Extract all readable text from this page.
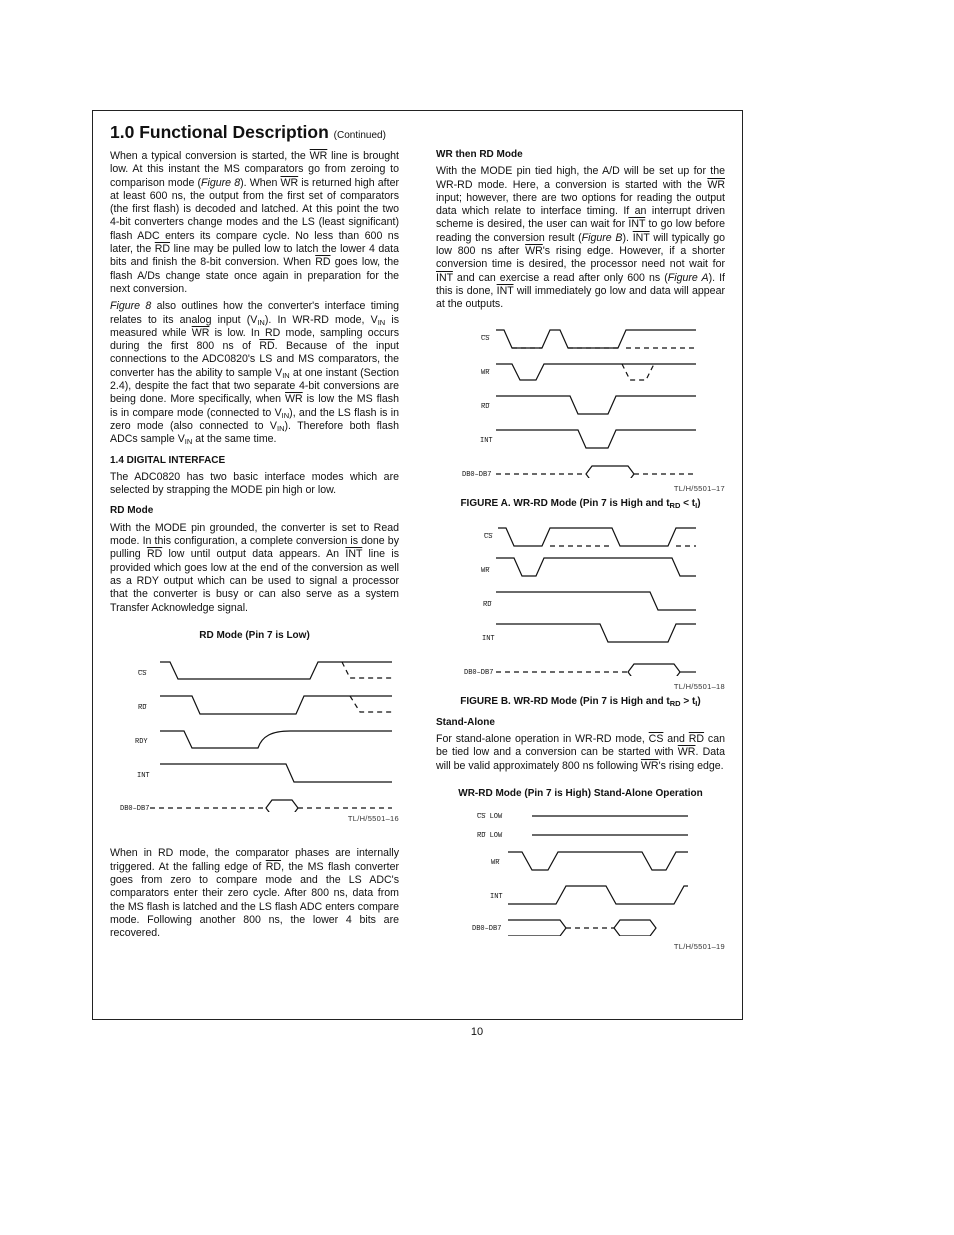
1.0 Functional Description (Continued)

When a typical conversion is started, the $\overline{WR}$ line is brought low. At this instant the MS comparators go from zeroing to comparison mode (Figure 8). When $\overline{WR}$ is returned high after at least 600 ns, the output from the first set of comparators (the first flash) is decoded and latched. At this point the two 4-bit converters change modes and the LS (least significant) flash ADC enters its compare cycle. No less than 600 ns later, the $\overline{RD}$ line may be pulled low to latch the lower 4 data bits and finish the 8-bit conversion. When $\overline{RD}$ goes low, the flash A/Ds change state once again in preparation for the next conversion.

Figure 8 also outlines how the converter's interface timing relates to its analog input $(V_{IN})$. In WR-RD mode, $V_{IN}$ is measured while $\overline{WR}$ is low. In RD mode, sampling occurs during the first 800 ns of $\overline{RD}$. Because of the input connections to the ADC0820's LS and MS comparators, the converter has the ability to sample $V_{IN}$ at one instant (Section 2.4), despite the fact that two separate 4-bit conversions are being done. More specifically, when $\overline{WR}$ is low the MS flash is in compare mode (connected to $V_{IN}$), and the LS flash is in zero mode (also connected to $V_{IN}$). Therefore both flash ADCs sample $V_{IN}$ at the same time.

1.4 DIGITAL INTERFACE

The ADC0820 has two basic interface modes which are selected by strapping the MODE pin high or low.

RD Mode

With the MODE pin grounded, the converter is set to Read mode. In this configuration, a complete conversion is done by pulling $\overline{RD}$ low until output data appears. An $\overline{INT}$ line is provided which goes low at the end of the conversion as well as a RDY output which can be used to signal a processor that the converter is busy or can also serve as a system Transfer Acknowledge signal.

RD Mode (Pin 7 is Low)

CS
RD
RDY
INT
DB0–DB7

TL/H/5501–16

When in RD mode, the comparator phases are internally triggered. At the falling edge of $\overline{RD}$, the MS flash converter goes from zero to compare mode and the LS ADC's comparators enter their zero cycle. After 800 ns, data from the MS flash is latched and the LS flash ADC enters compare mode. Following another 800 ns, the lower 4 bits are recovered.

WR then RD Mode

With the MODE pin tied high, the A/D will be set up for the WR-RD mode. Here, a conversion is started with the $\overline{WR}$ input; however, there are two options for reading the output data which relate to interface timing. If an interrupt driven scheme is desired, the user can wait for $\overline{INT}$ to go low before reading the conversion result (Figure B). $\overline{INT}$ will typically go low 800 ns after $\overline{WR}'s$ rising edge. However, if a shorter conversion time is desired, the processor need not wait for $\overline{INT}$ and can exercise a read after only 600 ns (Figure A). If this is done, $\overline{INT}$ will immediately go low and data will appear at the outputs.

CS
WR
RD
INT
DB0–DB7

TL/H/5501–17

FIGURE A. WR-RD Mode (Pin 7 is High and $t_{RD} < t_I$)

CS
WR
RD
INT
DB0–DB7

TL/H/5501–18

FIGURE B. WR-RD Mode (Pin 7 is High and $t_{RD} > t_I$)

Stand-Alone

For stand-alone operation in WR-RD mode, $\overline{CS}$ and $\overline{RD}$ can be tied low and a conversion can be started with $\overline{WR}$. Data will be valid approximately 800 ns following $\overline{WR}'s$ rising edge.

WR-RD Mode (Pin 7 is High) Stand-Alone Operation

CS LOW
RD LOW
WR
INT
DB0–DB7

TL/H/5501–19

10
